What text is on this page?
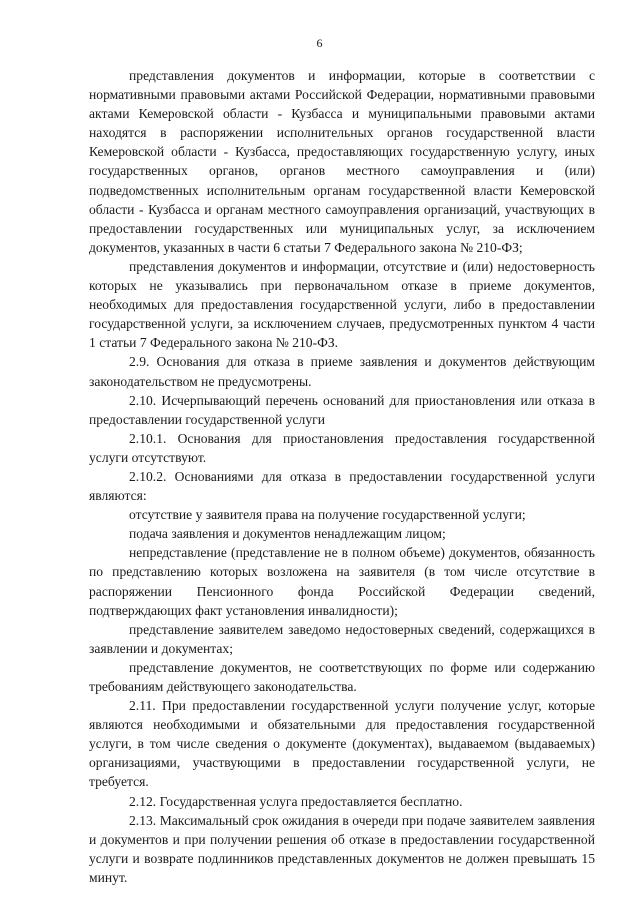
6

представления документов и информации, которые в соответствии с нормативными правовыми актами Российской Федерации, нормативными правовыми актами Кемеровской области - Кузбасса и муниципальными правовыми актами находятся в распоряжении исполнительных органов государственной власти Кемеровской области - Кузбасса, предоставляющих государственную услугу, иных государственных органов, органов местного самоуправления и (или) подведомственных исполнительным органам государственной власти Кемеровской области - Кузбасса и органам местного самоуправления организаций, участвующих в предоставлении государственных или муниципальных услуг, за исключением документов, указанных в части 6 статьи 7 Федерального закона № 210-ФЗ;

представления документов и информации, отсутствие и (или) недостоверность которых не указывались при первоначальном отказе в приеме документов, необходимых для предоставления государственной услуги, либо в предоставлении государственной услуги, за исключением случаев, предусмотренных пунктом 4 части 1 статьи 7 Федерального закона № 210-ФЗ.

2.9. Основания для отказа в приеме заявления и документов действующим законодательством не предусмотрены.

2.10. Исчерпывающий перечень оснований для приостановления или отказа в предоставлении государственной услуги

2.10.1. Основания для приостановления предоставления государственной услуги отсутствуют.

2.10.2. Основаниями для отказа в предоставлении государственной услуги являются:

отсутствие у заявителя права на получение государственной услуги;

подача заявления и документов ненадлежащим лицом;

непредставление (представление не в полном объеме) документов, обязанность по представлению которых возложена на заявителя (в том числе отсутствие в распоряжении Пенсионного фонда Российской Федерации сведений, подтверждающих факт установления инвалидности);

представление заявителем заведомо недостоверных сведений, содержащихся в заявлении и документах;

представление документов, не соответствующих по форме или содержанию требованиям действующего законодательства.

2.11. При предоставлении государственной услуги получение услуг, которые являются необходимыми и обязательными для предоставления государственной услуги, в том числе сведения о документе (документах), выдаваемом (выдаваемых) организациями, участвующими в предоставлении государственной услуги, не требуется.

2.12. Государственная услуга предоставляется бесплатно.

2.13. Максимальный срок ожидания в очереди при подаче заявителем заявления и документов и при получении решения об отказе в предоставлении государственной услуги и возврате подлинников представленных документов не должен превышать 15 минут.
